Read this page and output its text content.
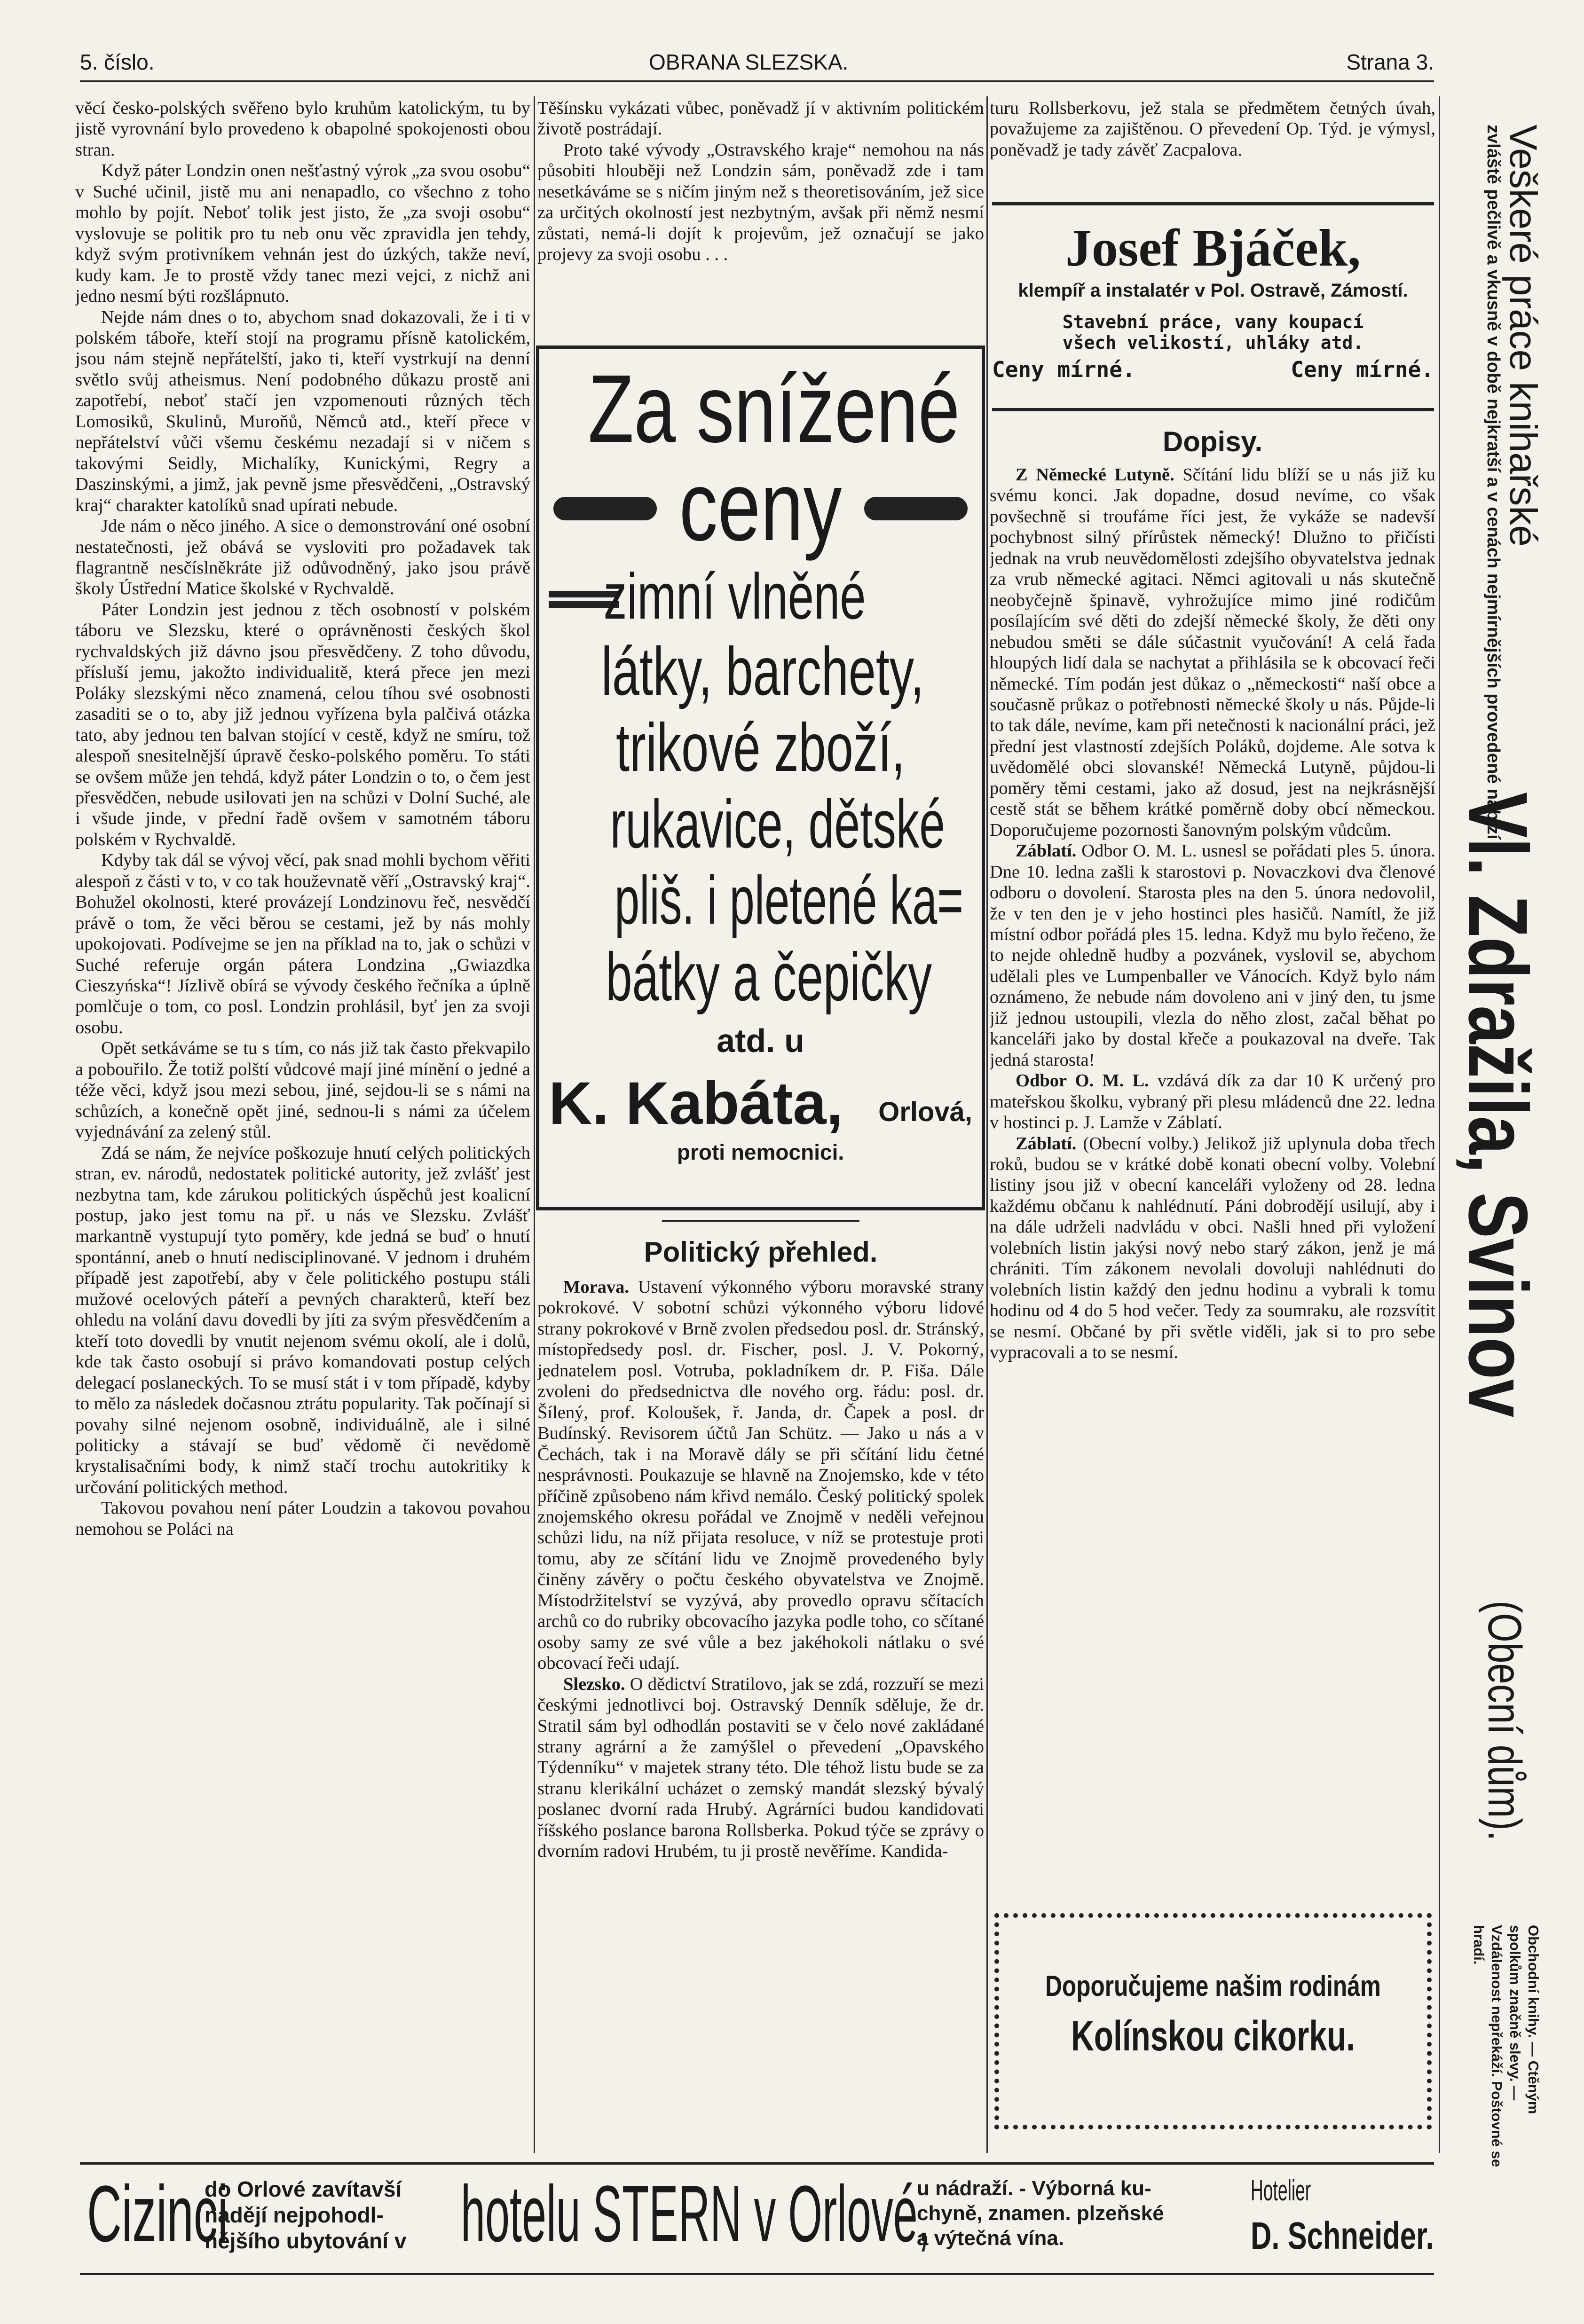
5. číslo.	OBRANA SLEZSKA.	Strana 3.

věcí česko-polských svěřeno bylo kruhům katolickým, tu by jistě vyrovnání bylo provedeno k obapolné spokojenosti obou stran.

Když páter Londzin onen nešťastný výrok „za svou osobu“ v Suché učinil, jistě mu ani nenapadlo, co všechno z toho mohlo by pojít. Neboť tolik jest jisto, že „za svoji osobu“ vyslovuje se politik pro tu neb onu věc zpravidla jen tehdy, když svým protivníkem vehnán jest do úzkých, takže neví, kudy kam. Je to prostě vždy tanec mezi vejci, z nichž ani jedno nesmí býti rozšlápnuto.

Nejde nám dnes o to, abychom snad dokazovali, že i ti v polském táboře, kteří stojí na programu přísně katolickém, jsou nám stejně nepřátelští, jako ti, kteří vystrkují na denní světlo svůj atheismus. Není podobného důkazu prostě ani zapotřebí, neboť stačí jen vzpomenouti různých těch Lomosiků, Skulinů, Muroňů, Němců atd., kteří přece v nepřátelství vůči všemu českému nezadají si v ničem s takovými Seidly, Michalíky, Kunickými, Regry a Daszinskými, a jimž, jak pevně jsme přesvědčeni, „Ostravský kraj“ charakter katolíků snad upírati nebude.

Jde nám o něco jiného. A sice o demonstrování oné osobní nestatečnosti, jež obává se vysloviti pro požadavek tak flagrantně nesčíslněkráte již odůvodněný, jako jsou právě školy Ústřední Matice školské v Rychvaldě.

Páter Londzin jest jednou z těch osobností v polském táboru ve Slezsku, které o oprávněnosti českých škol rychvaldských již dávno jsou přesvědčeny. Z toho důvodu, přísluší jemu, jakožto individualitě, která přece jen mezi Poláky slezskými něco znamená, celou tíhou své osobnosti zasaditi se o to, aby již jednou vyřízena byla palčivá otázka tato, aby jednou ten balvan stojící v cestě, když ne smíru, tož alespoň snesitelnější úpravě česko-polského poměru. To státi se ovšem může jen tehdá, když páter Londzin o to, o čem jest přesvědčen, nebude usilovati jen na schůzi v Dolní Suché, ale i všude jinde, v přední řadě ovšem v samotném táboru polském v Rychvaldě.

Kdyby tak dál se vývoj věcí, pak snad mohli bychom věřiti alespoň z části v to, v co tak houževnatě věří „Ostravský kraj“. Bohužel okolnosti, které provázejí Londzinovu řeč, nesvědčí právě o tom, že věci běrou se cestami, jež by nás mohly upokojovati. Podívejme se jen na příklad na to, jak o schůzi v Suché referuje orgán pátera Londzina „Gwiazdka Cieszyńska“! Jízlivě obírá se vývody českého řečníka a úplně pomlčuje o tom, co posl. Londzin prohlásil, byť jen za svoji osobu.

Opět setkáváme se tu s tím, co nás již tak často překvapilo a pobouřilo. Že totiž polští vůdcové mají jiné mínění o jedné a téže věci, když jsou mezi sebou, jiné, sejdou-li se s námi na schůzích, a konečně opět jiné, sednou-li s námi za účelem vyjednávání za zelený stůl.

Zdá se nám, že nejvíce poškozuje hnutí celých politických stran, ev. národů, nedostatek politické autority, jež zvlášť jest nezbytna tam, kde zárukou politických úspěchů jest koalicní postup, jako jest tomu na př. u nás ve Slezsku. Zvlášť markantně vystupují tyto poměry, kde jedná se buď o hnutí spontánní, aneb o hnutí nedisciplinované. V jednom i druhém případě jest zapotřebí, aby v čele politického postupu stáli mužové ocelových páteří a pevných charakterů, kteří bez ohledu na volání davu dovedli by jíti za svým přesvědčením a kteří toto dovedli by vnutit nejenom svému okolí, ale i dolů, kde tak často osobují si právo komandovati postup celých delegací poslaneckých. To se musí stát i v tom případě, kdyby to mělo za následek dočasnou ztrátu popularity. Tak počínají si povahy silné nejenom osobně, individuálně, ale i silné politicky a stávají se buď vědomě či nevědomě krystalisačními body, k nimž stačí trochu autokritiky k určování politických method.

Takovou povahou není páter Loudzin a takovou povahou nemohou se Poláci na

Těšínsku vykázati vůbec, poněvadž jí v aktivním politickém životě postrádají.

Proto také vývody „Ostravského kraje“ nemohou na nás působiti hlouběji než Londzin sám, poněvadž zde i tam nesetkáváme se s ničím jiným než s theoretisováním, jež sice za určitých okolností jest nezbytným, avšak při němž nesmí zůstati, nemá-li dojít k projevům, jež označují se jako projevy za svoji osobu . . .

Za snížené
ceny
zimní vlněné
látky, barchety,
trikové zboží,
rukavice, dětské
pliš. i pletené ka=
bátky a čepičky
atd. u
K. Kabáta, Orlová,
proti nemocnici.
Politický přehled.

Morava. Ustavení výkonného výboru moravské strany pokrokové. V sobotní schůzi výkonného výboru lidové strany pokrokové v Brně zvolen předsedou posl. dr. Stránský, místopředsedy posl. dr. Fischer, posl. J. V. Pokorný, jednatelem posl. Votruba, pokladníkem dr. P. Fiša. Dále zvoleni do předsednictva dle nového org. řádu: posl. dr. Šílený, prof. Koloušek, ř. Janda, dr. Čapek a posl. dr Budínský. Revisorem účtů Jan Schütz. — Jako u nás a v Čechách, tak i na Moravě dály se při sčítání lidu četné nesprávnosti. Poukazuje se hlavně na Znojemsko, kde v této příčině způsobeno nám křivd nemálo. Český politický spolek znojemského okresu pořádal ve Znojmě v neděli veřejnou schůzi lidu, na níž přijata resoluce, v níž se protestuje proti tomu, aby ze sčítání lidu ve Znojmě provedeného byly činěny závěry o počtu českého obyvatelstva ve Znojmě. Místodržitelství se vyzývá, aby provedlo opravu sčítacích archů co do rubriky obcovacího jazyka podle toho, co sčítané osoby samy ze své vůle a bez jakéhokoli nátlaku o své obcovací řeči udají.

Slezsko. O dědictví Stratilovo, jak se zdá, rozzuří se mezi českými jednotlivci boj. Ostravský Denník sděluje, že dr. Stratil sám byl odhodlán postaviti se v čelo nové zakládané strany agrární a že zamýšlel o převedení „Opavského Týdenníku“ v majetek strany této. Dle téhož listu bude se za stranu klerikální ucházet o zemský mandát slezský bývalý poslanec dvorní rada Hrubý. Agrárníci budou kandidovati říšského poslance barona Rollsberka. Pokud týče se zprávy o dvorním radovi Hrubém, tu ji prostě nevěříme. Kandida-

turu Rollsberkovu, jež stala se předmětem četných úvah, považujeme za zajištěnou. O převedení Op. Týd. je výmysl, poněvadž je tady závěť Zacpalova.

Josef Bjáček,
klempíř a instalatér v Pol. Ostravě, Zámostí.
Stavební práce, vany koupací
všech velikostí, uhláky atd.
Ceny mírné.	Ceny mírné.
Dopisy.

Z Německé Lutyně. Sčítání lidu blíží se u nás již ku svému konci. Jak dopadne, dosud nevíme, co však povšechně si troufáme říci jest, že vykáže se nadevší pochybnost silný přírůstek německý! Dlužno to přičísti jednak na vrub neuvědomělosti zdejšího obyvatelstva jednak za vrub německé agitaci. Němci agitovali u nás skutečně neobyčejně špinavě, vyhrožujíce mimo jiné rodičům posílajícím své děti do zdejší německé školy, že děti ony nebudou směti se dále súčastnit vyučování! A celá řada hloupých lidí dala se nachytat a přihlásila se k obcovací řeči německé. Tím podán jest důkaz o „německosti“ naší obce a současně průkaz o potřebnosti německé školy u nás. Půjde-li to tak dále, nevíme, kam při netečnosti k nacionální práci, jež přední jest vlastností zdejších Poláků, dojdeme. Ale sotva k uvědomělé obci slovanské! Německá Lutyně, půjdou-li poměry těmi cestami, jako až dosud, jest na nejkrásnější cestě stát se během krátké poměrně doby obcí německou. Doporučujeme pozornosti šanovným polským vůdcům.

Záblatí. Odbor O. M. L. usnesl se pořádati ples 5. února. Dne 10. ledna zašli k starostovi p. Novaczkovi dva členové odboru o dovolení. Starosta ples na den 5. února nedovolil, že v ten den je v jeho hostinci ples hasičů. Namítl, že již místní odbor pořádá ples 15. ledna. Když mu bylo řečeno, že to nejde ohledně hudby a pozvánek, vyslovil se, abychom udělali ples ve Lumpenballer ve Vánocích. Když bylo nám oznámeno, že nebude nám dovoleno ani v jiný den, tu jsme již jednou ustoupili, vlezla do něho zlost, začal běhat po kanceláři jako by dostal křeče a poukazoval na dveře. Tak jedná starosta!

Odbor O. M. L. vzdává dík za dar 10 K určený pro mateřskou školku, vybraný při plesu mládenců dne 22. ledna v hostinci p. J. Lamže v Záblatí.

Záblatí. (Obecní volby.) Jelikož již uplynula doba třech roků, budou se v krátké době konati obecní volby. Volební listiny jsou již v obecní kanceláři vyloženy od 28. ledna každému občanu k nahlédnutí. Páni dobrodějí usilují, aby i na dále udrželi nadvládu v obci. Našli hned při vyložení volebních listin jakýsi nový nebo starý zákon, jenž je má chrániti. Tím zákonem nevolali dovoluji nahlédnuti do volebních listin každý den jednu hodinu a vybrali k tomu hodinu od 4 do 5 hod večer. Tedy za soumraku, ale rozsvítit se nesmí. Občané by při světle viděli, jak si to pro sebe vypracovali a to se nesmí.

Doporučujeme našim rodinám
Kolínskou cikorku.
Veškeré práce knihařské
zvláště pečlivě a vkusně v době nejkratší a v cenách nejmírnějších provedené nabízí
Vl. Zdražila, Svinov
(Obecní dům).
Obchodní knihy. — Ctěným spolkům značně slevy. — Vzdálenost nepřekáží. Poštovné se hradí.
Cizinci
do Orlové zavítavší
nadějí nejpohodl-
nějšího ubytování v hotelu STERN v Orlové,
u nádraží. - Výborná ku-
chyně, znamen. plzeňské
a výtečná vína.
Hotelier
D. Schneider.
